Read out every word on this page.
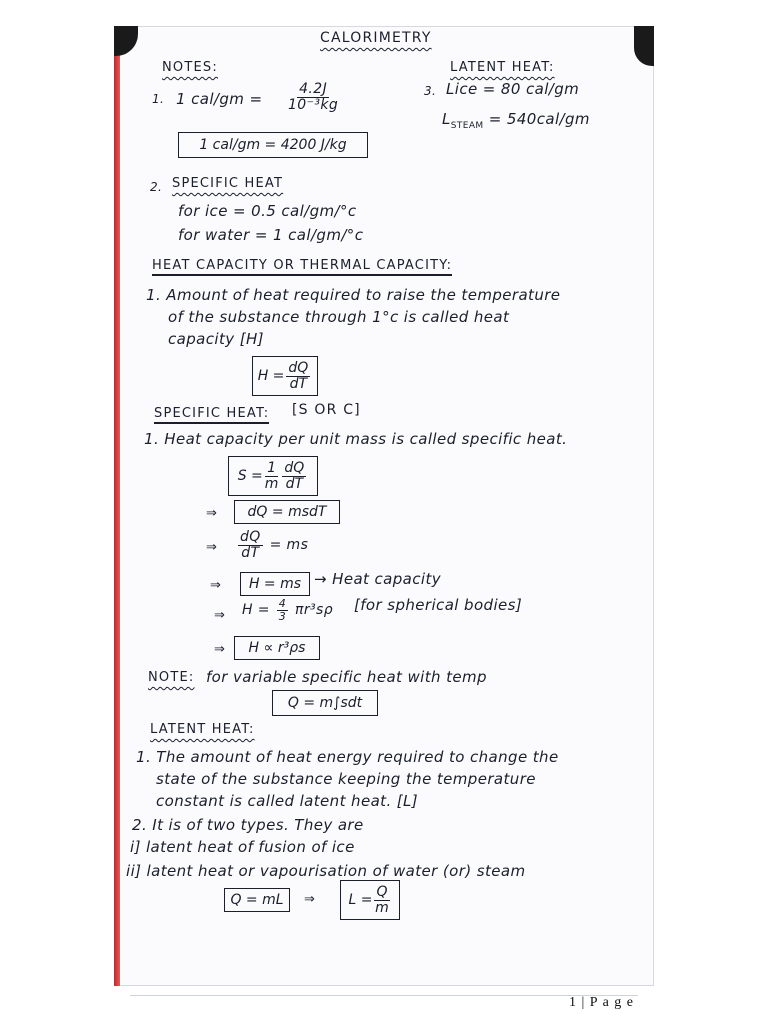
CALORIMETRY
NOTES:
1. 1 $cal/gm = \frac{4.2J}{\text{10⁻³kg}}$
1 cal/gm = 4200 J/kg
2. SPECIFIC HEAT
for ice = 0.5 cal/gm/°c
for water = 1 cal/gm/°c
LATENT HEAT:
3. Lice = 80 cal/gm
$L_{STEAM} = 540cal/gm$
HEAT CAPACITY OR THERMAL CAPACITY:
1. Amount of heat required to raise the temperature
of the substance through 1°c is called heat
capacity [H]
$H = \frac{dQ}{dT}$
SPECIFIC HEAT: [S OR C]
1. Heat capacity per unit mass is called specific heat.
$S = \frac{1}{m} \frac{dQ}{dT}$
⇒	dQ = msdT
⇒ $\frac{dQ}{dT}$ = ms
⇒	H = ms → Heat capacity
⇒ $H = \frac{4}{3} \pi r^3s\rho$ [for spherical bodies]
⇒	H ∝ r³ρs
NOTE: for variable specific heat with temp
Q = m∫sdt
LATENT HEAT:
1. The amount of heat energy required to change the
state of the substance keeping the temperature
constant is called latent heat. [L]
2. It is of two types. They are
i] latent heat of fusion of ice
ii] latent heat or vapourisation of water (or) steam
Q = mL	⇒ $L = \frac{Q}{m}$
1 | P a g e
